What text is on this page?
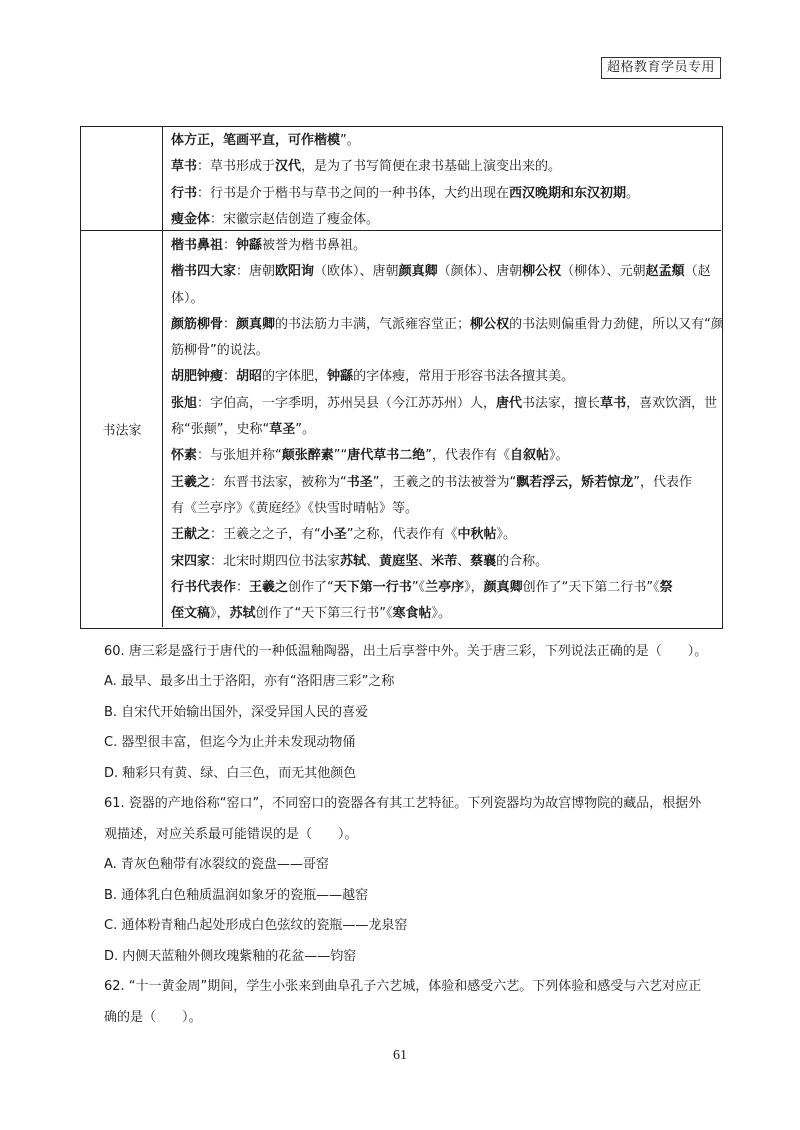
超格教育学员专用
体方正，笔画平直，可作楷模”。
草书：草书形成于汉代，是为了书写简便在隶书基础上演变出来的。
行书：行书是介于楷书与草书之间的一种书体，大约出现在西汉晚期和东汉初期。
瘦金体：宋徽宗赵佶创造了瘦金体。
书法家
楷书鼻祖：钟繇被誉为楷书鼻祖。
楷书四大家：唐朝欧阳询（欧体）、唐朝颜真卿（颜体）、唐朝柳公权（柳体）、元朝赵孟頫（赵
体）。
颜筋柳骨：颜真卿的书法筋力丰满，气派雍容堂正；柳公权的书法则偏重骨力劲健，所以又有“颜
筋柳骨”的说法。
胡肥钟瘦：胡昭的字体肥，钟繇的字体瘦，常用于形容书法各擅其美。
张旭：字伯高，一字季明，苏州吴县（今江苏苏州）人，唐代书法家，擅长草书，喜欢饮酒，世
称“张颠”，史称“草圣”。
怀素：与张旭并称“颠张醉素”“唐代草书二绝”，代表作有《自叙帖》。
王羲之：东晋书法家，被称为“书圣”，王羲之的书法被誉为“飘若浮云，矫若惊龙”，代表作
有《兰亭序》《黄庭经》《快雪时晴帖》等。
王献之：王羲之之子，有“小圣”之称，代表作有《中秋帖》。
宋四家：北宋时期四位书法家苏轼、黄庭坚、米芾、蔡襄的合称。
行书代表作：王羲之创作了“天下第一行书”《兰亭序》，颜真卿创作了“天下第二行书”《祭
侄文稿》，苏轼创作了“天下第三行书”《寒食帖》。
60. 唐三彩是盛行于唐代的一种低温釉陶器，出土后享誉中外。关于唐三彩，下列说法正确的是（　　）。
A. 最早、最多出土于洛阳，亦有“洛阳唐三彩”之称
B. 自宋代开始输出国外，深受异国人民的喜爱
C. 器型很丰富，但迄今为止并未发现动物俑
D. 釉彩只有黄、绿、白三色，而无其他颜色
61. 瓷器的产地俗称“窑口”，不同窑口的瓷器各有其工艺特征。下列瓷器均为故宫博物院的藏品，根据外
观描述，对应关系最可能错误的是（　　）。
A. 青灰色釉带有冰裂纹的瓷盘——哥窑
B. 通体乳白色釉质温润如象牙的瓷瓶——越窑
C. 通体粉青釉凸起处形成白色弦纹的瓷瓶——龙泉窑
D. 内侧天蓝釉外侧玫瑰紫釉的花盆——钧窑
62. “十一黄金周”期间，学生小张来到曲阜孔子六艺城，体验和感受六艺。下列体验和感受与六艺对应正
确的是（　　）。
61
